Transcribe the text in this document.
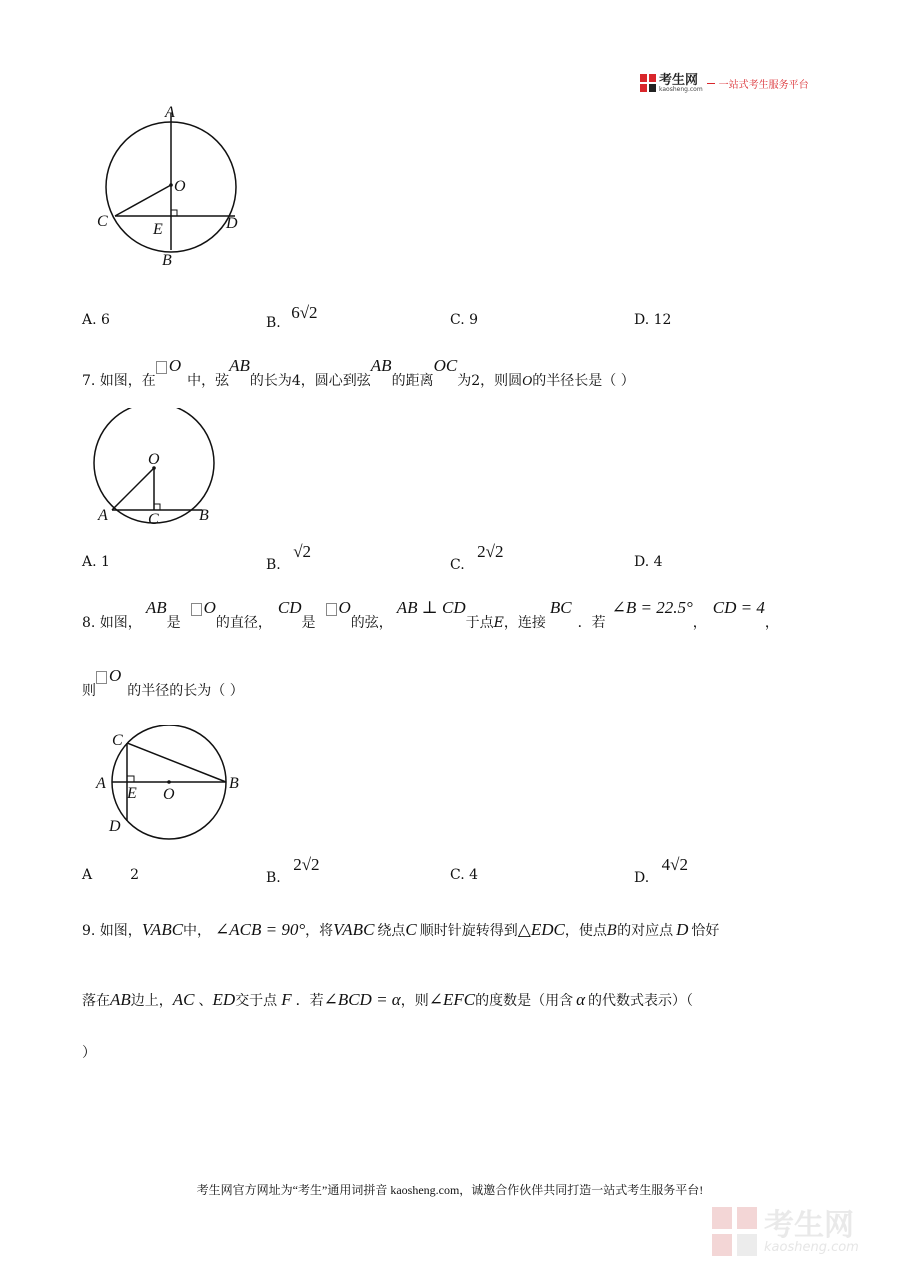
考生网
kaosheng.com 一站式考生服务平台
A
O
C	E	D
B
A. 6	B. 6√2	C. 9	D. 12
7. 如图，在O中，弦AB的长为4，圆心到弦AB的距离OC为2，则圆O的半径长是（ ）
O
A	C	B
A. 1	B. √2
C. 2√2
D. 4
8. 如图，AB是O的直径，CD是O的弦，AB ⊥ CD于点E，连接BC．若∠B = 22.5°，CD = 4，
则O的半径的长为（ ）
C
A
E O
B
D
A	2	B. 2√2
C. 4	D. 4√2
9. 如图，VABC中， ∠ACB = 90°，将VABC 绕点C 顺时针旋转得到△EDC，使点B的对应点 D 恰好
落在AB边上，AC 、ED交于点 F ．若∠BCD = α，则∠EFC的度数是（用含 α 的代数式表示）（
）
考生网官方网址为“考生”通用词拼音 kaosheng.com，诚邀合作伙伴共同打造一站式考生服务平台!
考生网
kaosheng.com
